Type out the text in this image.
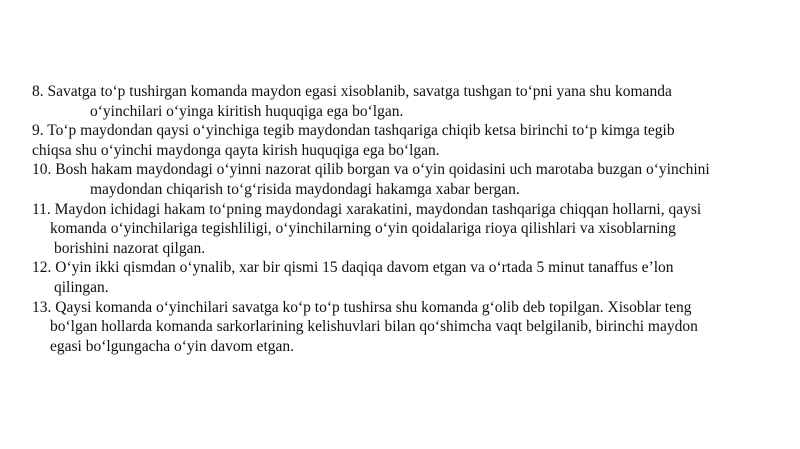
8. Savatga to‘p tushirgan komanda maydon egasi xisoblanib, savatga tushgan to‘pni yana shu komanda
o‘yinchilari o‘yinga kiritish huquqiga ega bo‘lgan.
9. To‘p maydondan qaysi o‘yinchiga tegib maydondan tashqariga chiqib ketsa birinchi to‘p kimga tegib
chiqsa shu o‘yinchi maydonga qayta kirish huquqiga ega bo‘lgan.
10. Bosh hakam maydondagi o‘yinni nazorat qilib borgan va o‘yin qoidasini uch marotaba buzgan o‘yinchini
maydondan chiqarish to‘g‘risida maydondagi hakamga xabar bergan.
11. Maydon ichidagi hakam to‘pning maydondagi xarakatini, maydondan tashqariga chiqqan hollarni, qaysi
komanda o‘yinchilariga tegishliligi, o‘yinchilarning o‘yin qoidalariga rioya qilishlari va xisoblarning
borishini nazorat qilgan.
12. O‘yin ikki qismdan o‘ynalib, xar bir qismi 15 daqiqa davom etgan va o‘rtada 5 minut tanaffus e’lon
qilingan.
13. Qaysi komanda o‘yinchilari savatga ko‘p to‘p tushirsa shu komanda g‘olib deb topilgan. Xisoblar teng
bo‘lgan hollarda komanda sarkorlarining kelishuvlari bilan qo‘shimcha vaqt belgilanib, birinchi maydon
egasi bo‘lgungacha o‘yin davom etgan.
